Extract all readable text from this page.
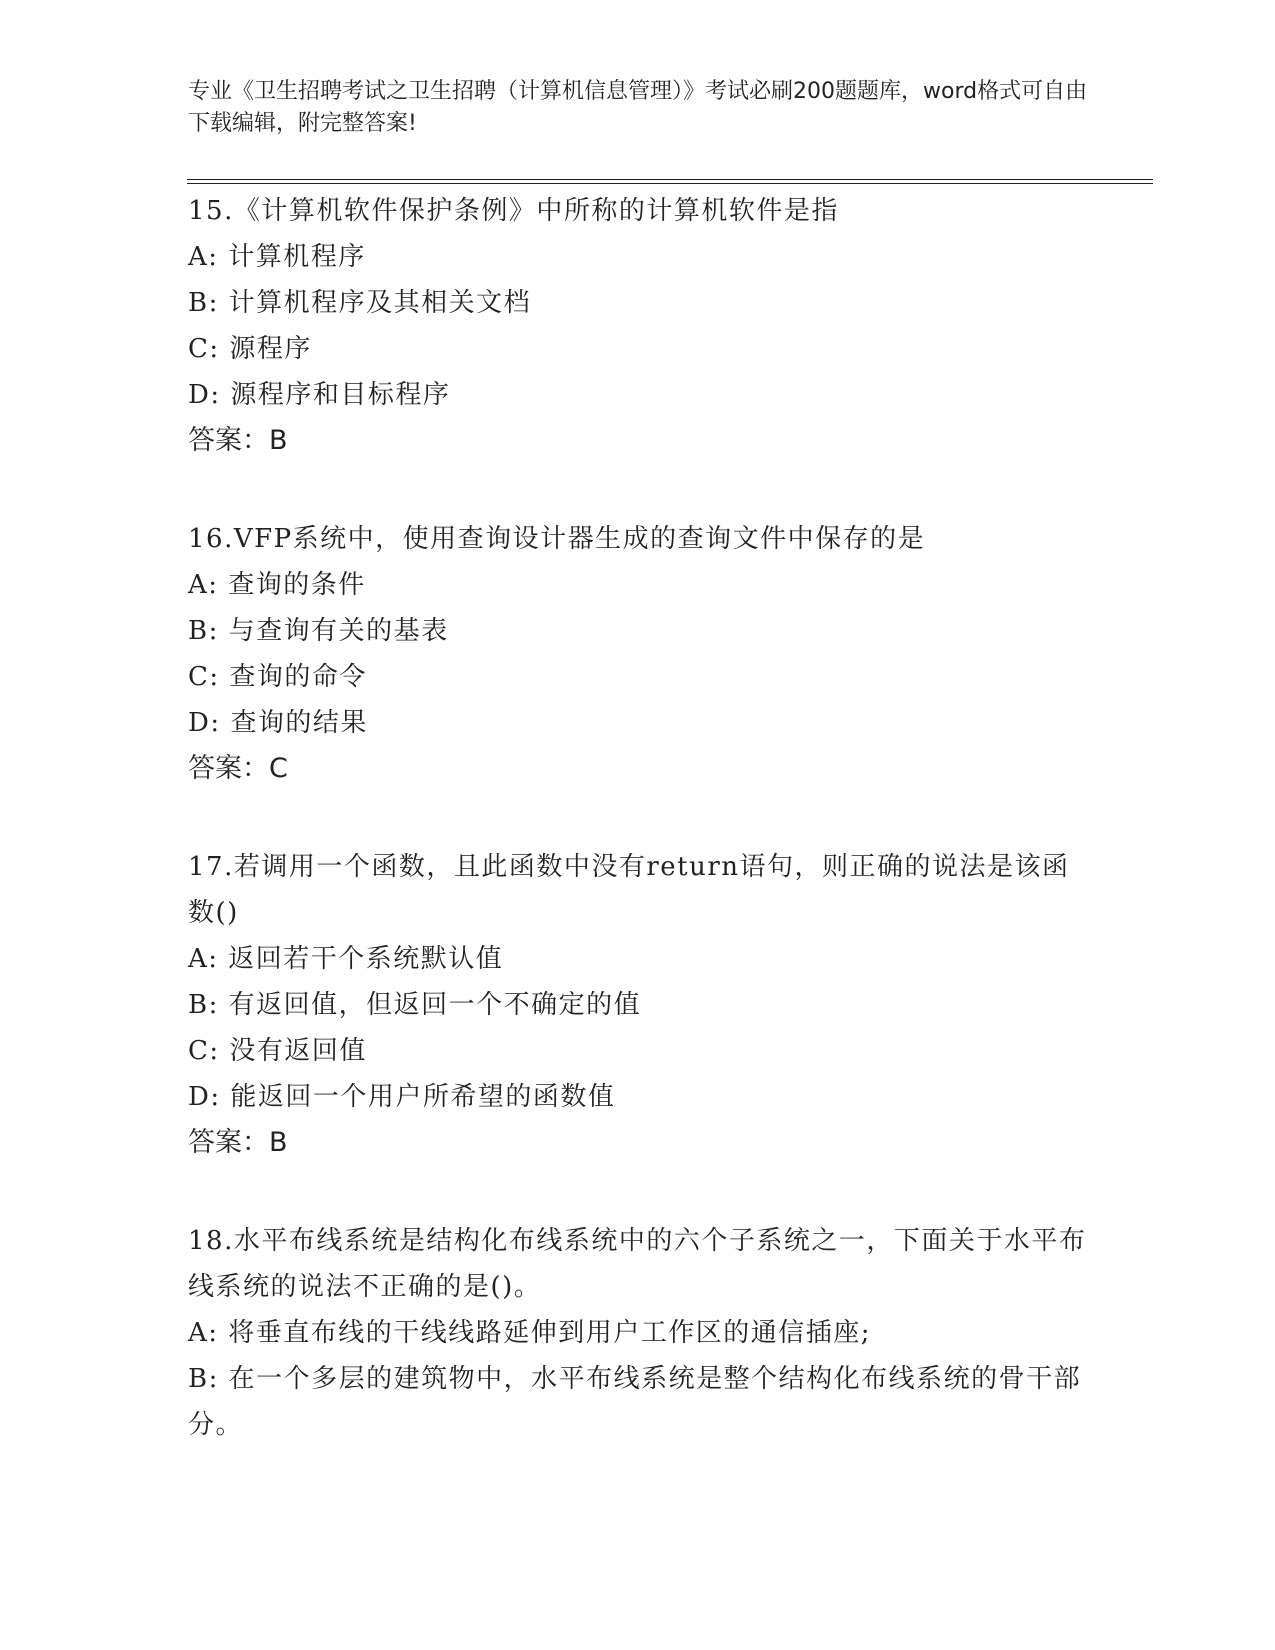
专业《卫生招聘考试之卫生招聘（计算机信息管理）》考试必刷200题题库，word格式可自由下载编辑，附完整答案!

15.《计算机软件保护条例》中所称的计算机软件是指

A: 计算机程序

B: 计算机程序及其相关文档

C: 源程序

D: 源程序和目标程序

答案：B

16.VFP系统中，使用查询设计器生成的查询文件中保存的是

A: 查询的条件

B: 与查询有关的基表

C: 查询的命令

D: 查询的结果

答案：C

17.若调用一个函数，且此函数中没有return语句，则正确的说法是该函数()

A: 返回若干个系统默认值

B: 有返回值，但返回一个不确定的值

C: 没有返回值

D: 能返回一个用户所希望的函数值

答案：B

18.水平布线系统是结构化布线系统中的六个子系统之一，下面关于水平布线系统的说法不正确的是()。

A: 将垂直布线的干线线路延伸到用户工作区的通信插座;

B: 在一个多层的建筑物中，水平布线系统是整个结构化布线系统的骨干部分。
